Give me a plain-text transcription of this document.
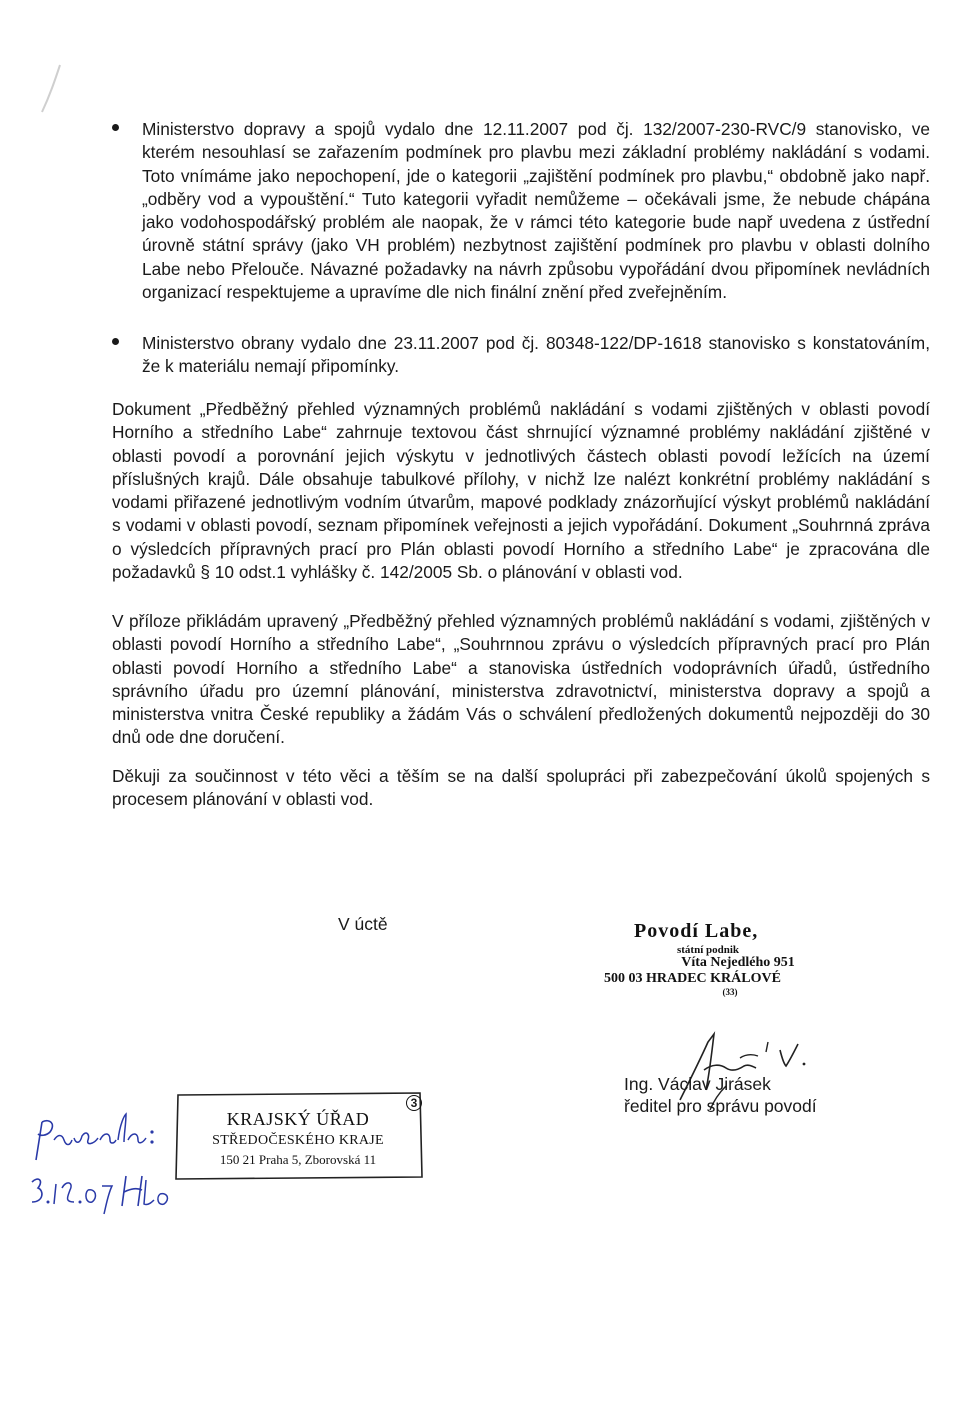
Ministerstvo dopravy a spojů vydalo dne 12.11.2007 pod čj. 132/2007-230-RVC/9 stanovisko, ve kterém nesouhlasí se zařazením podmínek pro plavbu mezi základní problémy nakládání s vodami. Toto vnímáme jako nepochopení, jde o kategorii „zajištění podmínek pro plavbu,“ obdobně jako např. „odběry vod a vypouštění.“ Tuto kategorii vyřadit nemůžeme – očekávali jsme, že nebude chápána jako vodohospodářský problém ale naopak, že v rámci této kategorie bude např uvedena z ústřední úrovně státní správy (jako VH problém) nezbytnost zajištění podmínek pro plavbu v oblasti dolního Labe nebo Přelouče. Návazné požadavky na návrh způsobu vypořádání dvou připomínek nevládních organizací respektujeme a upravíme dle nich finální znění před zveřejněním.
Ministerstvo obrany vydalo dne 23.11.2007 pod čj. 80348-122/DP-1618 stanovisko s konstatováním, že k materiálu nemají připomínky.
Dokument „Předběžný přehled významných problémů nakládání s vodami zjištěných v oblasti povodí Horního a středního Labe“ zahrnuje textovou část shrnující významné problémy nakládání zjištěné v oblasti povodí a porovnání jejich výskytu v jednotlivých částech oblasti povodí ležících na území příslušných krajů. Dále obsahuje tabulkové přílohy, v nichž lze nalézt konkrétní problémy nakládání s vodami přiřazené jednotlivým vodním útvarům, mapové podklady znázorňující výskyt problémů nakládání s vodami v oblasti povodí, seznam připomínek veřejnosti a jejich vypořádání. Dokument „Souhrnná zpráva o výsledcích přípravných prací pro Plán oblasti povodí Horního a středního Labe“ je zpracována dle požadavků § 10 odst.1 vyhlášky č. 142/2005 Sb. o plánování v oblasti vod.
V příloze přikládám upravený „Předběžný přehled významných problémů nakládání s vodami, zjištěných v oblasti povodí Horního a středního Labe“, „Souhrnnou zprávu o výsledcích přípravných prací pro Plán oblasti povodí Horního a středního Labe“ a stanoviska ústředních vodoprávních úřadů, ústředního správního úřadu pro územní plánování, ministerstva zdravotnictví, ministerstva dopravy a spojů a ministerstva vnitra České republiky a žádám Vás o schválení předložených dokumentů nejpozději do 30 dnů ode dne doručení.
Děkuji za součinnost v této věci a těším se na další spolupráci při zabezpečování úkolů spojených s procesem plánování v oblasti vod.
V úctě	Povodí Labe,
státní podnik
Víta Nejedlého 951
500 03 HRADEC KRÁLOVÉ
(33)
Ing. Václav Jirásek
ředitel pro správu povodí
3
KRAJSKÝ ÚŘAD
STŘEDOČESKÉHO KRAJE
150 21 Praha 5, Zborovská 11
